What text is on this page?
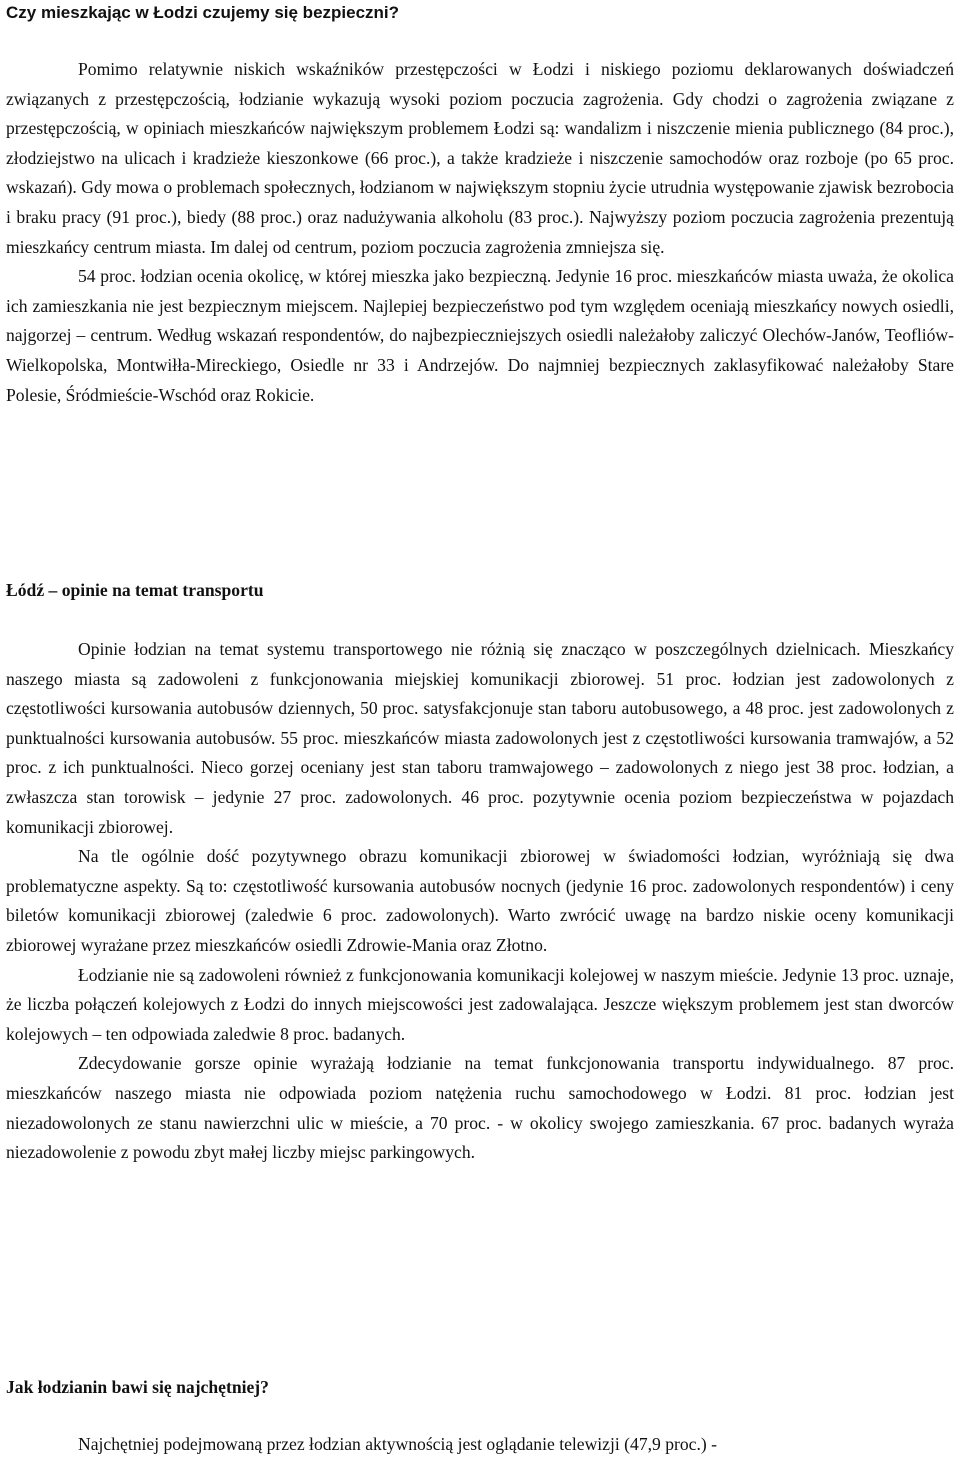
Czy mieszkając w Łodzi czujemy się bezpieczni?

Pomimo relatywnie niskich wskaźników przestępczości w Łodzi i niskiego poziomu deklarowanych doświadczeń związanych z przestępczością, łodzianie wykazują wysoki poziom poczucia zagrożenia. Gdy chodzi o zagrożenia związane z przestępczością, w opiniach mieszkańców największym problemem Łodzi są: wandalizm i niszczenie mienia publicznego (84 proc.), złodziejstwo na ulicach i kradzieże kieszonkowe (66 proc.), a także kradzieże i niszczenie samochodów oraz rozboje (po 65 proc. wskazań). Gdy mowa o problemach społecznych, łodzianom w największym stopniu życie utrudnia występowanie zjawisk bezrobocia i braku pracy (91 proc.), biedy (88 proc.) oraz nadużywania alkoholu (83 proc.). Najwyższy poziom poczucia zagrożenia prezentują mieszkańcy centrum miasta. Im dalej od centrum, poziom poczucia zagrożenia zmniejsza się.

54 proc. łodzian ocenia okolicę, w której mieszka jako bezpieczną. Jedynie 16 proc. mieszkańców miasta uważa, że okolica ich zamieszkania nie jest bezpiecznym miejscem. Najlepiej bezpieczeństwo pod tym względem oceniają mieszkańcy nowych osiedli, najgorzej – centrum. Według wskazań respondentów, do najbezpieczniejszych osiedli należałoby zaliczyć Olechów-Janów, Teofliów-Wielkopolska, Montwiłła-Mireckiego, Osiedle nr 33 i Andrzejów. Do najmniej bezpiecznych zaklasyfikować należałoby Stare Polesie, Śródmieście-Wschód oraz Rokicie.

Łódź – opinie na temat transportu

Opinie łodzian na temat systemu transportowego nie różnią się znacząco w poszczególnych dzielnicach. Mieszkańcy naszego miasta są zadowoleni z funkcjonowania miejskiej komunikacji zbiorowej. 51 proc. łodzian jest zadowolonych z częstotliwości kursowania autobusów dziennych, 50 proc. satysfakcjonuje stan taboru autobusowego, a 48 proc. jest zadowolonych z punktualności kursowania autobusów. 55 proc. mieszkańców miasta zadowolonych jest z częstotliwości kursowania tramwajów, a 52 proc. z ich punktualności. Nieco gorzej oceniany jest stan taboru tramwajowego – zadowolonych z niego jest 38 proc. łodzian, a zwłaszcza stan torowisk – jedynie 27 proc. zadowolonych. 46 proc. pozytywnie ocenia poziom bezpieczeństwa w pojazdach komunikacji zbiorowej.

Na tle ogólnie dość pozytywnego obrazu komunikacji zbiorowej w świadomości łodzian, wyróżniają się dwa problematyczne aspekty. Są to: częstotliwość kursowania autobusów nocnych (jedynie 16 proc. zadowolonych respondentów) i ceny biletów komunikacji zbiorowej (zaledwie 6 proc. zadowolonych). Warto zwrócić uwagę na bardzo niskie oceny komunikacji zbiorowej wyrażane przez mieszkańców osiedli Zdrowie-Mania oraz Złotno.

Łodzianie nie są zadowoleni również z funkcjonowania komunikacji kolejowej w naszym mieście. Jedynie 13 proc. uznaje, że liczba połączeń kolejowych z Łodzi do innych miejscowości jest zadowalająca. Jeszcze większym problemem jest stan dworców kolejowych – ten odpowiada zaledwie 8 proc. badanych.

Zdecydowanie gorsze opinie wyrażają łodzianie na temat funkcjonowania transportu indywidualnego. 87 proc. mieszkańców naszego miasta nie odpowiada poziom natężenia ruchu samochodowego w Łodzi. 81 proc. łodzian jest niezadowolonych ze stanu nawierzchni ulic w mieście, a 70 proc. - w okolicy swojego zamieszkania. 67 proc. badanych wyraża niezadowolenie z powodu zbyt małej liczby miejsc parkingowych.

Jak łodzianin bawi się najchętniej?

Najchętniej podejmowaną przez łodzian aktywnością jest oglądanie telewizji (47,9 proc.) -
